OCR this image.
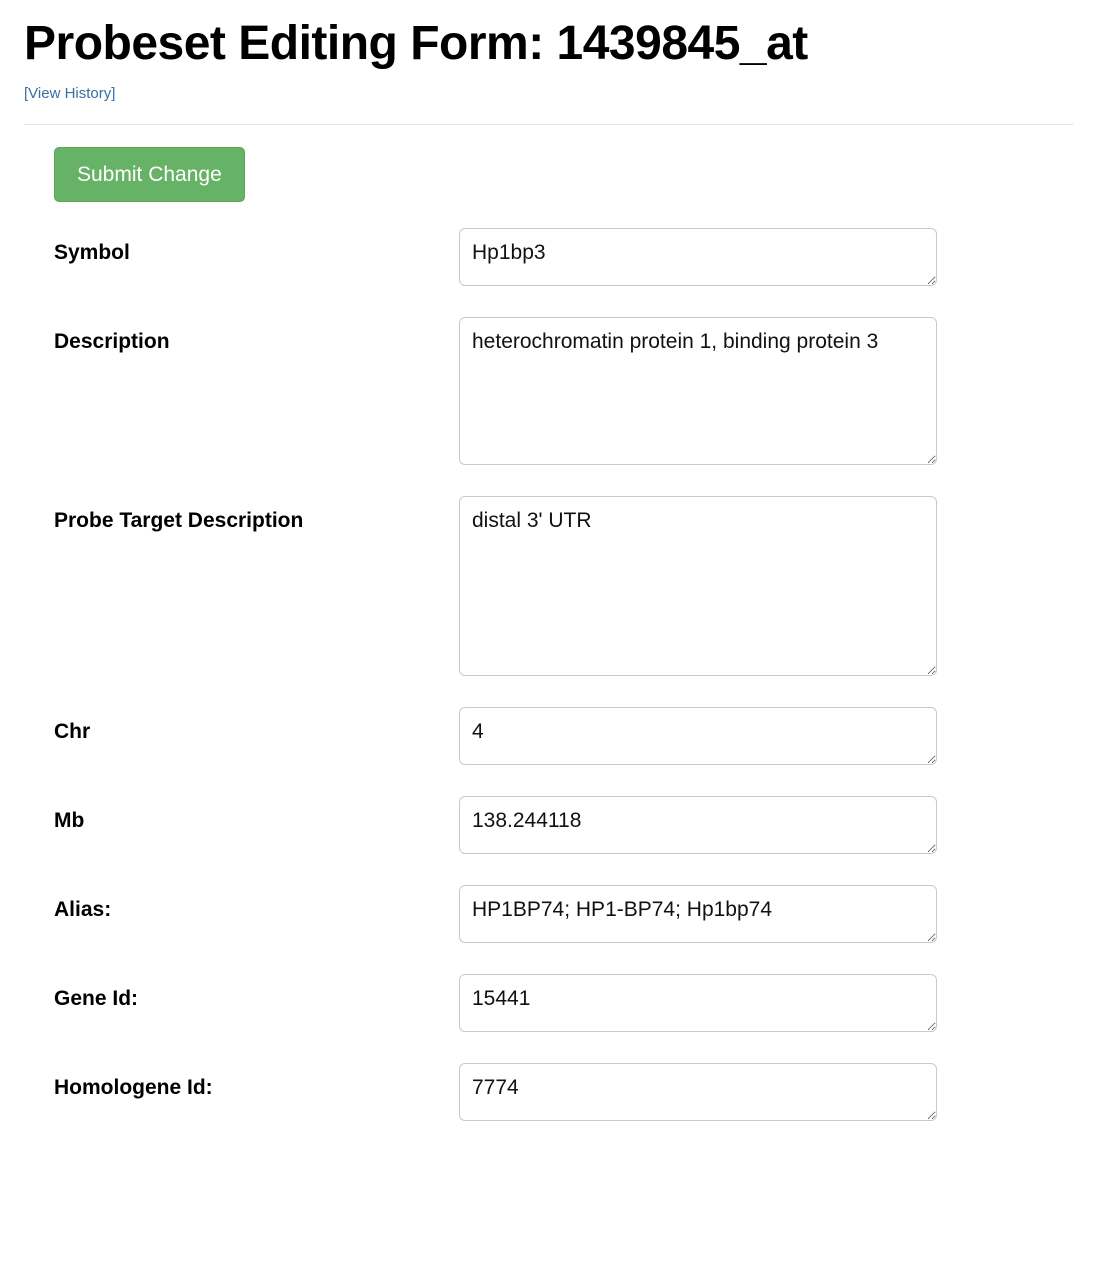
Probeset Editing Form: 1439845_at
[View History]
Submit Change
Symbol
Hp1bp3
Description
heterochromatin protein 1, binding protein 3
Probe Target Description
distal 3' UTR
Chr
4
Mb
138.244118
Alias:
HP1BP74; HP1-BP74; Hp1bp74
Gene Id:
15441
Homologene Id:
7774
